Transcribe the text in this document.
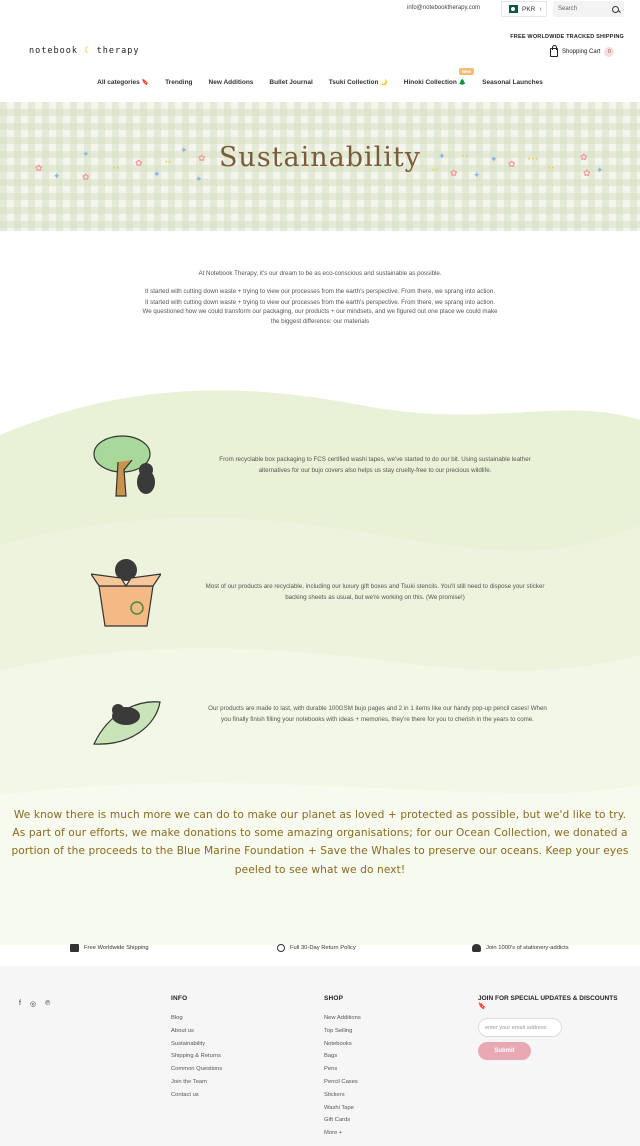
info@notebooktherapy.com	PKR ›	Search
notebook ☾ therapy
FREE WORLDWIDE TRACKED SHIPPING
Shopping Cart	0
All categories 🔖 Trending New Additions Bullet Journal Tsuki Collection 🌙 Hinoki Collection 🌲
New
Seasonal Launches
Sustainability
✿
✦ ✿
✦
• •
✿
✦
• •
✦
✦
✿	✦
• • ✿
• •
✦
✦ ✿ • • •
• •
✿
✿ ✦

At Notebook Therapy, it's our dream to be as eco-conscious and sustainable as possible.

It started with cutting down waste + trying to view our processes from the earth's perspective. From there, we sprang into action.

It started with cutting down waste + trying to view our processes from the earth's perspective. From there, we sprang into action. We questioned how we could transform our packaging, our products + our mindsets, and we figured out one place we could make the biggest difference: our materials

From recyclable box packaging to FCS certified washi tapes, we've started to do our bit. Using sustainable leather alternatives for our bujo covers also helps us stay cruelty-free to our precious wildlife.
Most of our products are recyclable, including our luxury gift boxes and Tsuki stencils. You'll still need to dispose your sticker backing sheets as usual, but we're working on this. (We promise!)
Our products are made to last, with durable 100GSM bujo pages and 2 in 1 items like our handy pop-up pencil cases! When you finally finish filling your notebooks with ideas + memories, they're there for you to cherish in the years to come.
We know there is much more we can do to make our planet as loved + protected as possible, but we'd like to try. As part of our efforts, we make donations to some amazing organisations; for our Ocean Collection, we donated a portion of the proceeds to the Blue Marine Foundation + Save the Whales to preserve our oceans. Keep your eyes peeled to see what we do next!
Free Worldwide Shipping	Full 30-Day Return Policy	Join 1000's of stationery-addicts
f ◎ ℗
INFO
Blog
About us
Sustainability
Shipping & Returns
Common Questions
Join the Team
Contact us
SHOP
New Additions
Top Selling
Notebooks
Bags
Pens
Pencil Cases
Stickers
Washi Tape
Gift Cards
More +
JOIN FOR SPECIAL UPDATES & DISCOUNTS
🔖
enter your email address
Submit
